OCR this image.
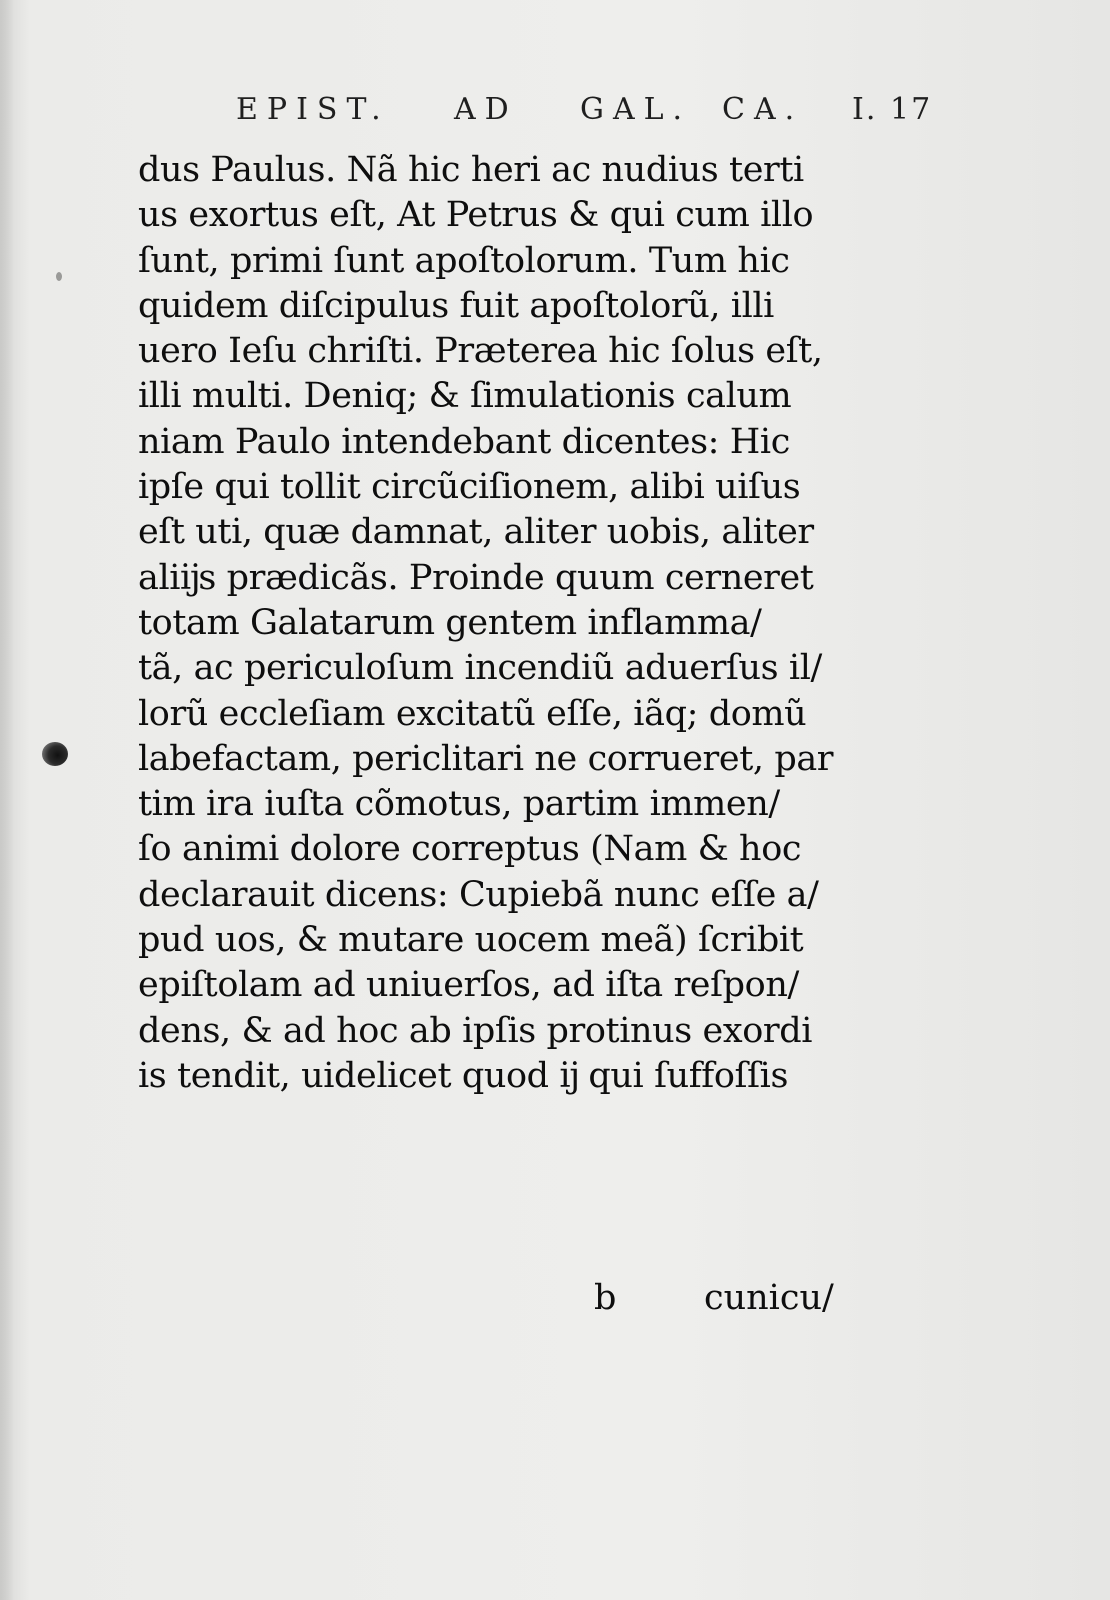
EPIST. AD GAL. CA. I. 17
dus Paulus. Nã hic heri ac nudius terti
us exortus eſt, At Petrus & qui cum illo
ſunt, primi ſunt apoſtolorum. Tum hic
quidem diſcipulus fuit apoſtolorũ, illi
uero Ieſu chriſti. Præterea hic ſolus eſt,
illi multi. Deniq; & ſimulationis calum
niam Paulo intendebant dicentes: Hic
ipſe qui tollit circũciſionem, alibi uiſus
eſt uti, quæ damnat, aliter uobis, aliter
aliĳs prædicãs. Proinde quum cerneret
totam Galatarum gentem inflamma/
tã, ac periculoſum incendiũ aduerſus il/
lorũ eccleſiam excitatũ eſſe, iãq; domũ
labefactam, periclitari ne corrueret, par
tim ira iuſta cõmotus, partim immen/
ſo animi dolore correptus (Nam & hoc
declarauit dicens: Cupiebã nunc eſſe a/
pud uos, & mutare uocem meã) ſcribit
epiſtolam ad uniuerſos, ad iſta reſpon/
dens, & ad hoc ab ipſis protinus exordi
is tendit, uidelicet quod ĳ qui ſuffoſſis
b	cunicu/
